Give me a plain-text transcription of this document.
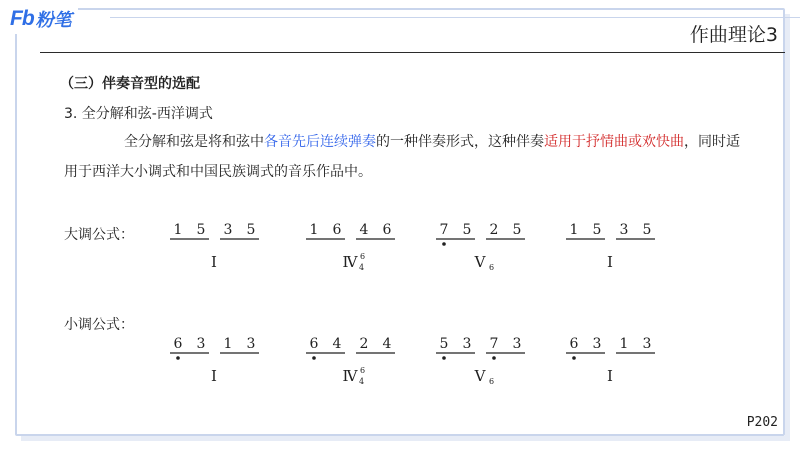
Fb 粉笔
作曲理论3
（三）伴奏音型的选配
3. 全分解和弦-西洋调式
全分解和弦是将和弦中各音先后连续弹奏的一种伴奏形式，这种伴奏适用于抒情曲或欢快曲，同时适用于西洋大小调式和中国民族调式的音乐作品中。
大调公式：
小调公式：
1 5 3 5
Ⅰ
1 6 4 6
Ⅳ 6
4
7 5 2 5
Ⅴ 6
1 5 3 5
Ⅰ
6 3 1 3
Ⅰ
6 4 2 4
Ⅳ 6
4
5 3 7 3
Ⅴ 6
6 3 1 3
Ⅰ
P202
